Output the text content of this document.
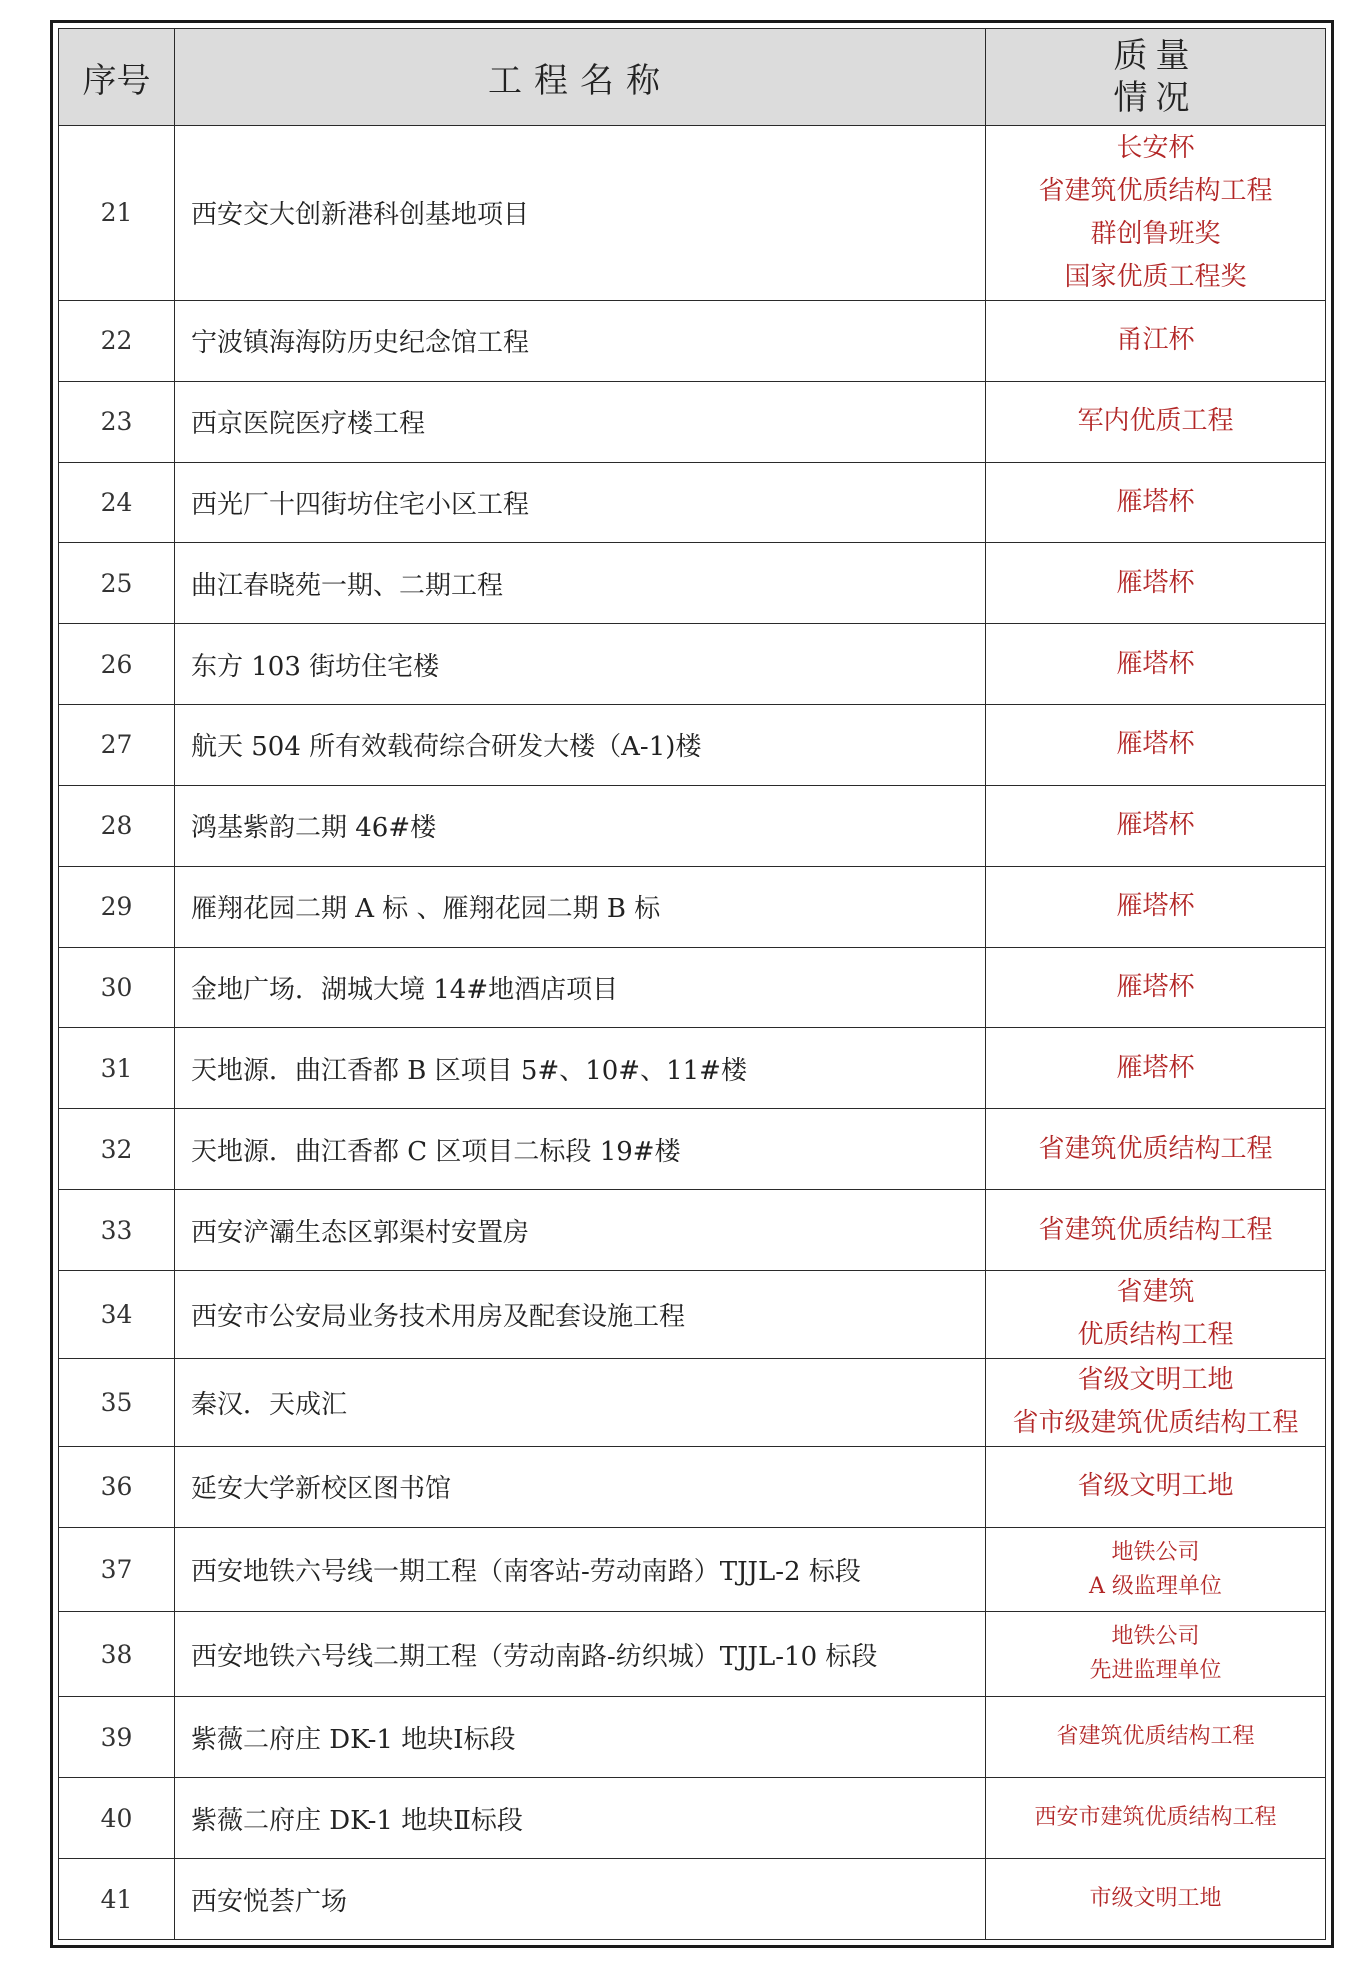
序号	工程名称	质量
情况

21	西安交大创新港科创基地项目	长安杯
省建筑优质结构工程
群创鲁班奖
国家优质工程奖

22	宁波镇海海防历史纪念馆工程	甬江杯

23	西京医院医疗楼工程	军内优质工程

24	西光厂十四街坊住宅小区工程	雁塔杯

25	曲江春晓苑一期、二期工程	雁塔杯

26	东方 103 街坊住宅楼	雁塔杯

27	航天 504 所有效载荷综合研发大楼（A-1)楼	雁塔杯

28	鸿基紫韵二期 46#楼	雁塔杯

29	雁翔花园二期 A 标 、雁翔花园二期 B 标	雁塔杯

30	金地广场．湖城大境 14#地酒店项目	雁塔杯

31	天地源．曲江香都 B 区项目 5#、10#、11#楼	雁塔杯

32	天地源．曲江香都 C 区项目二标段 19#楼	省建筑优质结构工程

33	西安浐灞生态区郭渠村安置房	省建筑优质结构工程

34	西安市公安局业务技术用房及配套设施工程	省建筑
优质结构工程

35	秦汉．天成汇	省级文明工地
省市级建筑优质结构工程

36	延安大学新校区图书馆	省级文明工地

37	西安地铁六号线一期工程（南客站-劳动南路）TJJL-2 标段	地铁公司
A 级监理单位

38	西安地铁六号线二期工程（劳动南路-纺织城）TJJL-10 标段	地铁公司
先进监理单位

39	紫薇二府庄 DK-1 地块Ⅰ标段	省建筑优质结构工程

40	紫薇二府庄 DK-1 地块Ⅱ标段	西安市建筑优质结构工程

41	西安悦荟广场	市级文明工地
